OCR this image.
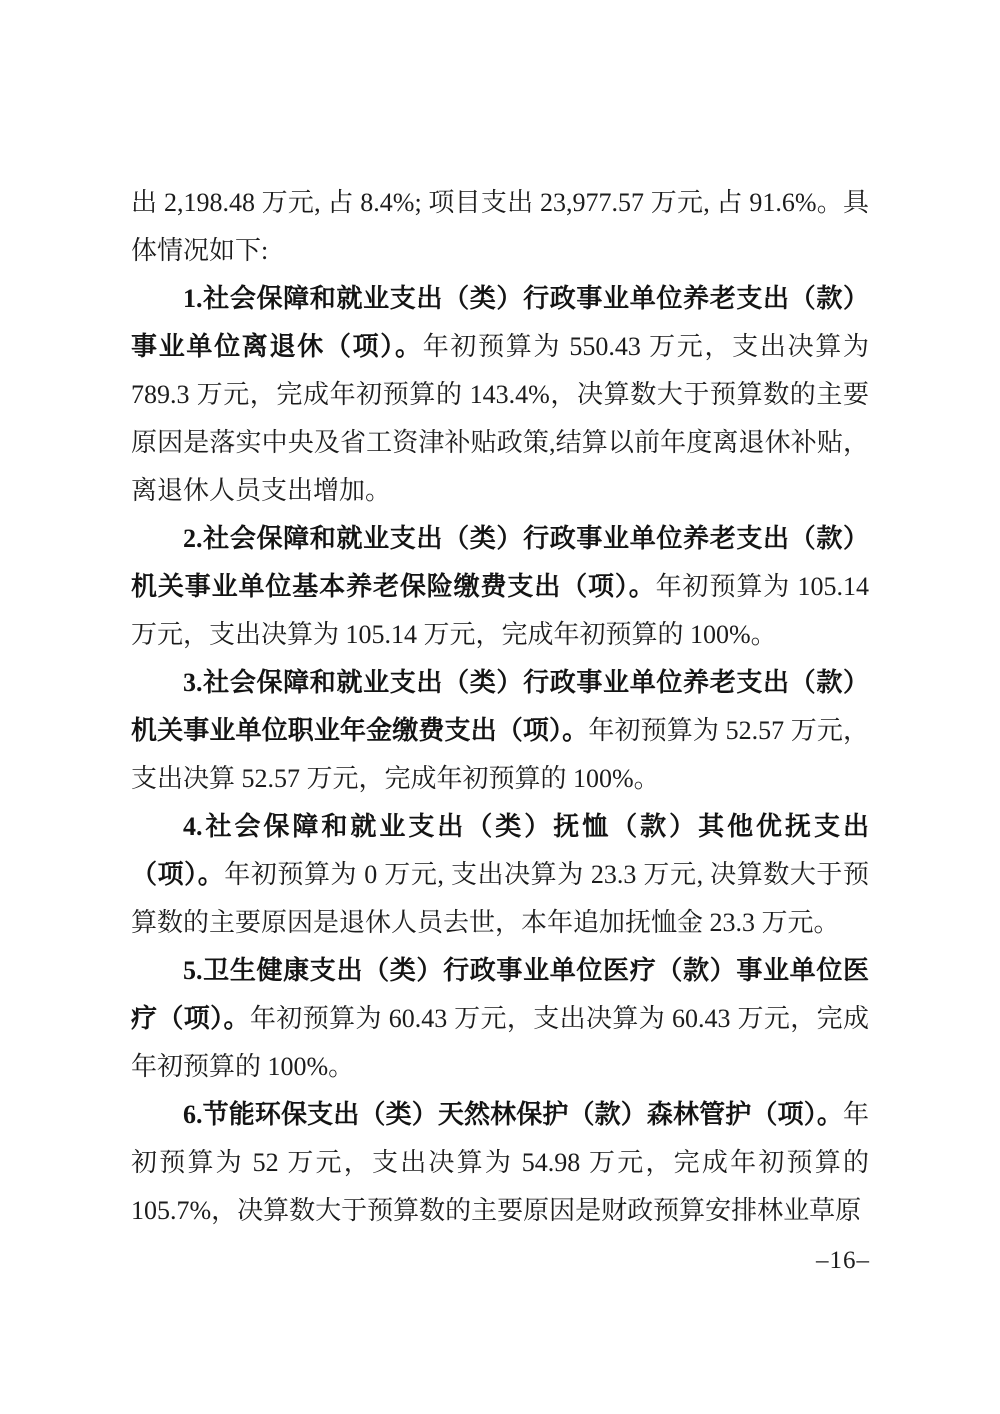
出 2,198.48 万元, 占 8.4%; 项目支出 23,977.57 万元, 占 91.6%。具体情况如下:

1.社会保障和就业支出（类）行政事业单位养老支出（款）事业单位离退休（项）。年初预算为 550.43 万元，支出决算为 789.3 万元，完成年初预算的 143.4%，决算数大于预算数的主要原因是落实中央及省工资津补贴政策,结算以前年度离退休补贴，离退休人员支出增加。

2.社会保障和就业支出（类）行政事业单位养老支出（款）机关事业单位基本养老保险缴费支出（项）。年初预算为 105.14 万元，支出决算为 105.14 万元，完成年初预算的 100%。

3.社会保障和就业支出（类）行政事业单位养老支出（款）机关事业单位职业年金缴费支出（项）。年初预算为 52.57 万元，支出决算 52.57 万元，完成年初预算的 100%。

4.社会保障和就业支出（类）抚恤（款）其他优抚支出（项）。年初预算为 0 万元, 支出决算为 23.3 万元, 决算数大于预算数的主要原因是退休人员去世，本年追加抚恤金 23.3 万元。

5.卫生健康支出（类）行政事业单位医疗（款）事业单位医疗（项）。年初预算为 60.43 万元，支出决算为 60.43 万元，完成年初预算的 100%。

6.节能环保支出（类）天然林保护（款）森林管护（项）。年初预算为 52 万元，支出决算为 54.98 万元，完成年初预算的 105.7%，决算数大于预算数的主要原因是财政预算安排林业草原

–16–
